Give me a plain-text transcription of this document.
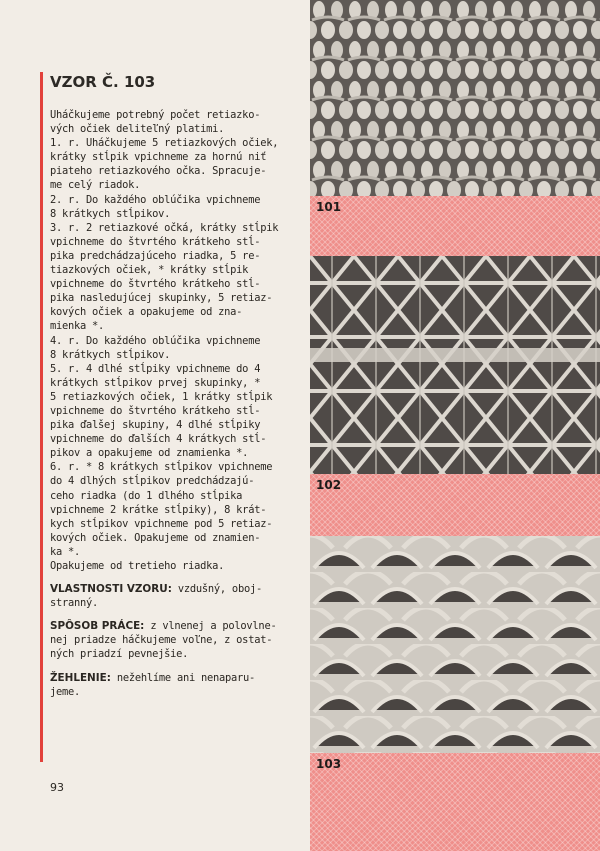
VZOR Č. 103
Uháčkujeme potrebný počet retiazko-
vých očiek deliteľný platimi.
1. r. Uháčkujeme 5 retiazkových očiek,
krátky stĺpik vpichneme za hornú niť
piateho retiazkového očka. Spracuje-
me celý riadok.
2. r. Do každého oblúčika vpichneme
8 krátkych stĺpikov.
3. r. 2 retiazkové očká, krátky stĺpik
vpichneme do štvrtého krátkeho stĺ-
pika predchádzajúceho riadka, 5 re-
tiazkových očiek, * krátky stĺpik
vpichneme do štvrtého krátkeho stĺ-
pika nasledujúcej skupinky, 5 retiaz-
kových očiek a opakujeme od zna-
mienka *.
4. r. Do každého oblúčika vpichneme
8 krátkych stĺpikov.
5. r. 4 dlhé stĺpiky vpichneme do 4
krátkych stĺpikov prvej skupinky, *
5 retiazkových očiek, 1 krátky stĺpik
vpichneme do štvrtého krátkeho stĺ-
pika ďalšej skupiny, 4 dlhé stĺpiky
vpichneme do ďalších 4 krátkych stĺ-
pikov a opakujeme od znamienka *.
6. r. * 8 krátkych stĺpikov vpichneme
do 4 dlhých stĺpikov predchádzajú-
ceho riadka (do 1 dlhého stĺpika
vpichneme 2 krátke stĺpiky), 8 krát-
kych stĺpikov vpichneme pod 5 retiaz-
kových očiek. Opakujeme od znamien-
ka *.
Opakujeme od tretieho riadka.
VLASTNOSTI VZORU: vzdušný, oboj-
stranný.
SPÔSOB PRÁCE: z vlnenej a polovlne-
nej priadze háčkujeme voľne, z ostat-
ných priadzí pevnejšie.
ŽEHLENIE: nežehlíme ani nenaparu-
jeme.
93
101
102
103
